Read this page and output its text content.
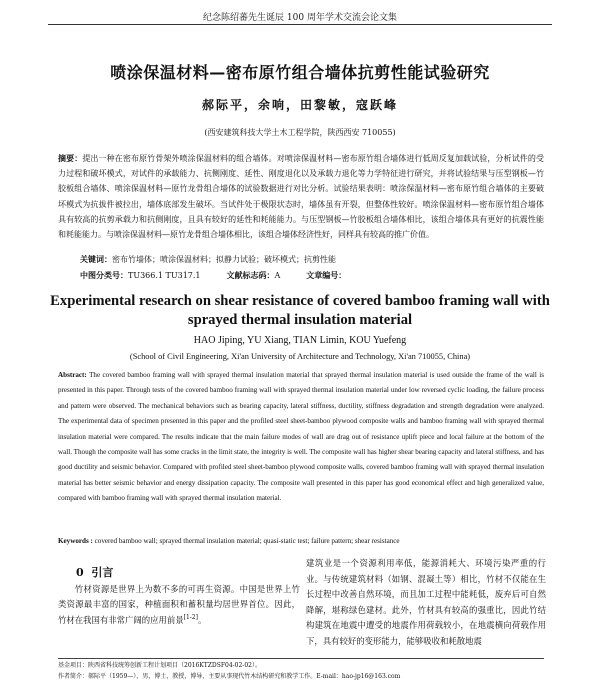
纪念陈绍蕃先生诞辰 100 周年学术交流会论文集
喷涂保温材料—密布原竹组合墙体抗剪性能试验研究
郝际平，余响，田黎敏，寇跃峰
(西安建筑科技大学土木工程学院，陕西西安 710055)
摘要：提出一种在密布原竹骨架外喷涂保温材料的组合墙体。对喷涂保温材料—密布原竹组合墙体进行低周反复加载试验，分析试件的受力过程和破坏模式，对试件的承载能力、抗侧刚度、延性、刚度退化以及承载力退化等力学特征进行研究，并将试验结果与压型钢板—竹胶板组合墙体、喷涂保温材料—原竹龙骨组合墙体的试验数据进行对比分析。试验结果表明：喷涂保温材料—密布原竹组合墙体的主要破坏模式为抗拔件被拉出，墙体底部发生破坏。当试件处于极限状态时，墙体虽有开裂，但整体性较好。喷涂保温材料—密布原竹组合墙体具有较高的抗剪承载力和抗侧刚度，且具有较好的延性和耗能能力。与压型钢板—竹胶板组合墙体相比，该组合墙体具有更好的抗震性能和耗能能力。与喷涂保温材料—原竹龙骨组合墙体相比，该组合墙体经济性好，同样具有较高的推广价值。
关键词：密布竹墙体；喷涂保温材料；拟静力试验；破坏模式；抗剪性能
中图分类号：TU366.1 TU317.1	文献标志码：A	文章编号：
Experimental research on shear resistance of covered bamboo framing wall with
sprayed thermal insulation material
HAO Jiping, YU Xiang, TIAN Limin, KOU Yuefeng
(School of Civil Engineering, Xi'an University of Architecture and Technology, Xi'an 710055, China)
Abstract: The covered bamboo framing wall with sprayed thermal insulation material that sprayed thermal insulation material is used outside the frame of the wall is presented in this paper. Through tests of the covered bamboo framing wall with sprayed thermal insulation material under low reversed cyclic loading, the failure process and pattern were observed. The mechanical behaviors such as bearing capacity, lateral stiffness, ductility, stiffness degradation and strength degradation were analyzed. The experimental data of specimen presented in this paper and the profiled steel sheet-bamboo plywood composite walls and bamboo framing wall with sprayed thermal insulation material were compared. The results indicate that the main failure modes of wall are drag out of resistance uplift piece and local failure at the bottom of the wall. Though the composite wall has some cracks in the limit state, the integrity is well. The composite wall has higher shear bearing capacity and lateral stiffness, and has good ductility and seismic behavior. Compared with profiled steel sheet-bamboo plywood composite walls, covered bamboo framing wall with sprayed thermal insulation material has better seismic behavior and energy dissipation capacity. The composite wall presented in this paper has good economical effect and high generalized value, compared with bamboo framing wall with sprayed thermal insulation material.
Keywords : covered bamboo wall; sprayed thermal insulation material; quasi-static test; failure pattern; shear resistance
0 引言
竹材资源是世界上为数不多的可再生资源。中国是世界上竹类资源最丰富的国家，种植面积和蓄积量均居世界首位。因此，竹材在我国有非常广阔的应用前景[1-2]。
建筑业是一个资源利用率低，能源消耗大、环境污染严重的行业。与传统建筑材料（如钢、混凝土等）相比，竹材不仅能在生长过程中改善自然环境，而且加工过程中能耗低，废弃后可自然降解，堪称绿色建材。此外，竹材具有较高的强重比，因此竹结构建筑在地震中遭受的地震作用荷载较小，在地震横向荷载作用下，具有较好的变形能力，能够吸收和耗散地震
基金项目：陕西省科技统筹创新工程计划项目（2016KTZDSF04-02-02）。
作者简介：郝际平（1959—），男，博士，教授，博导，主要从事现代竹木结构研究和教学工作。E-mail：hao-jp16@163.com
